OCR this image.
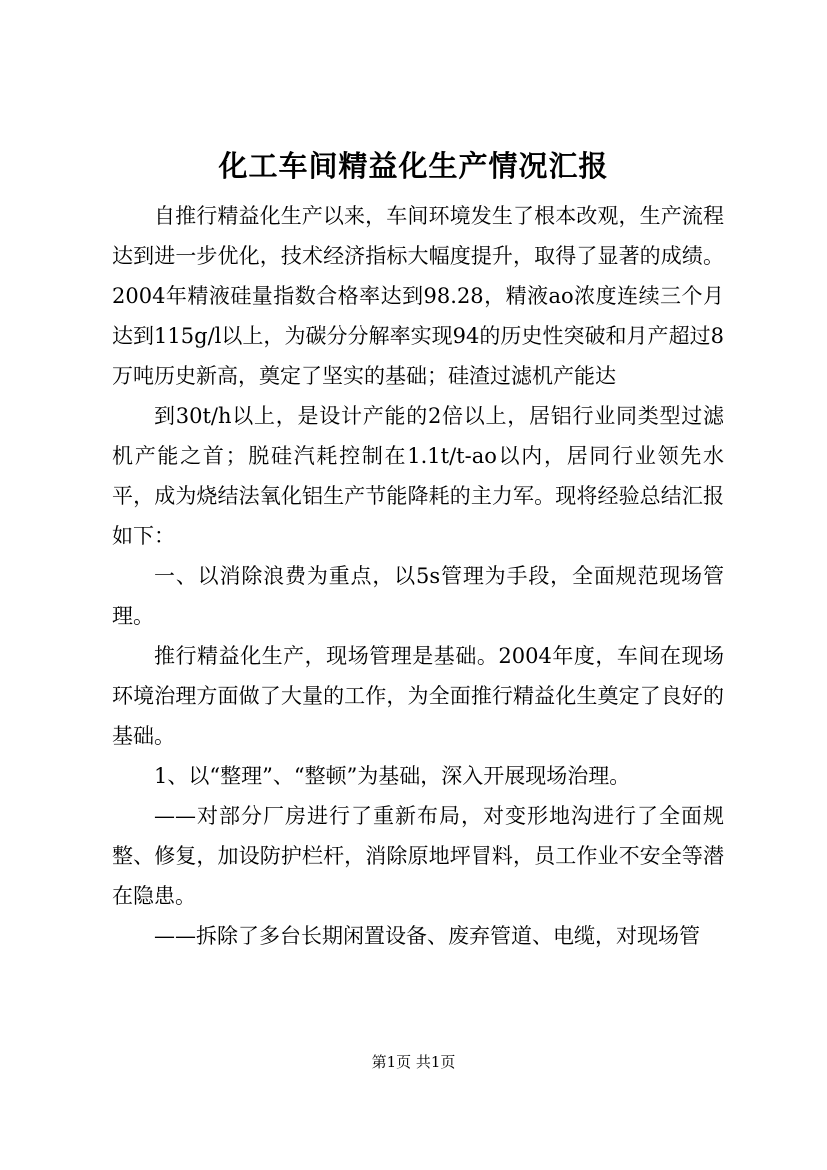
化工车间精益化生产情况汇报

自推行精益化生产以来，车间环境发生了根本改观，生产流程达到进一步优化，技术经济指标大幅度提升，取得了显著的成绩。2004年精液硅量指数合格率达到98.28，精液ao浓度连续三个月达到115g/l以上，为碳分分解率实现94的历史性突破和月产超过8万吨历史新高，奠定了坚实的基础；硅渣过滤机产能达

到30t/h以上，是设计产能的2倍以上，居铝行业同类型过滤机产能之首；脱硅汽耗控制在1.1t/t-ao以内，居同行业领先水平，成为烧结法氧化铝生产节能降耗的主力军。现将经验总结汇报如下：

一、以消除浪费为重点，以5s管理为手段，全面规范现场管理。

推行精益化生产，现场管理是基础。2004年度，车间在现场环境治理方面做了大量的工作，为全面推行精益化生奠定了良好的基础。

1、以“整理”、“整顿”为基础，深入开展现场治理。

——对部分厂房进行了重新布局，对变形地沟进行了全面规整、修复，加设防护栏杆，消除原地坪冒料，员工作业不安全等潜在隐患。

——拆除了多台长期闲置设备、废弃管道、电缆，对现场管

第1页 共1页
